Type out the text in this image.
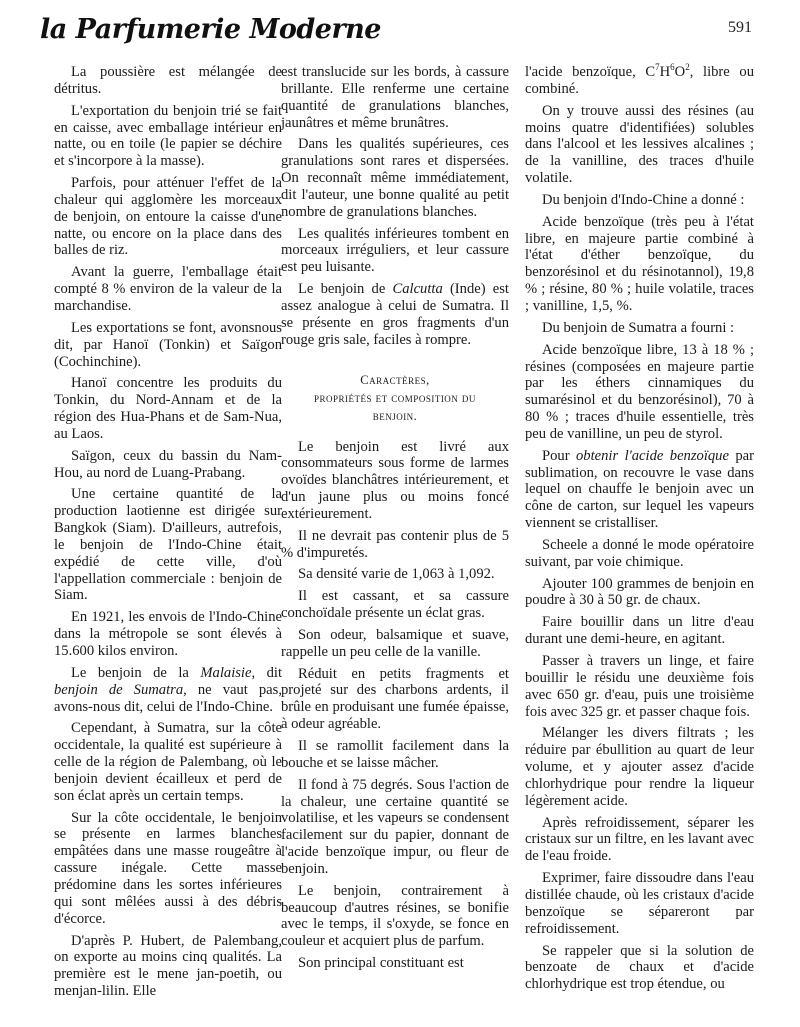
la Parfumerie Moderne	591

La poussière est mélangée de détritus.

L'exportation du benjoin trié se fait en caisse, avec emballage intérieur en natte, ou en toile (le papier se déchire et s'incorpore à la masse).

Parfois, pour atténuer l'effet de la chaleur qui agglomère les morceaux de benjoin, on entoure la caisse d'une natte, ou encore on la place dans des balles de riz.

Avant la guerre, l'emballage était compté 8 % environ de la valeur de la marchandise.

Les exportations se font, avonsnous dit, par Hanoï (Tonkin) et Saïgon (Cochinchine).

Hanoï concentre les produits du Tonkin, du Nord-Annam et de la région des Hua-Phans et de Sam-Nua, au Laos.

Saïgon, ceux du bassin du Nam-Hou, au nord de Luang-Prabang.

Une certaine quantité de la production laotienne est dirigée sur Bangkok (Siam). D'ailleurs, autrefois, le benjoin de l'Indo-Chine était expédié de cette ville, d'où l'appellation commerciale : benjoin de Siam.

En 1921, les envois de l'Indo-Chine dans la métropole se sont élevés à 15.600 kilos environ.

Le benjoin de la Malaisie, dit benjoin de Sumatra, ne vaut pas, avons-nous dit, celui de l'Indo-Chine.

Cependant, à Sumatra, sur la côte occidentale, la qualité est supérieure à celle de la région de Palembang, où le benjoin devient écailleux et perd de son éclat après un certain temps.

Sur la côte occidentale, le benjoin se présente en larmes blanches empâtées dans une masse rougeâtre à cassure inégale. Cette masse prédomine dans les sortes inférieures qui sont mêlées aussi à des débris d'écorce.

D'après P. Hubert, de Palembang, on exporte au moins cinq qualités. La première est le mene jan-poetih, ou menjan-lilin. Elle

est translucide sur les bords, à cassure brillante. Elle renferme une certaine quantité de granulations blanches, jaunâtres et même brunâtres.

Dans les qualités supérieures, ces granulations sont rares et dispersées. On reconnaît même immédiatement, dit l'auteur, une bonne qualité au petit nombre de granulations blanches.

Les qualités inférieures tombent en morceaux irréguliers, et leur cassure est peu luisante.

Le benjoin de Calcutta (Inde) est assez analogue à celui de Sumatra. Il se présente en gros fragments d'un rouge gris sale, faciles à rompre.

Caractères,
propriétés et composition du
benjoin.

Le benjoin est livré aux consommateurs sous forme de larmes ovoïdes blanchâtres intérieurement, et d'un jaune plus ou moins foncé extérieurement.

Il ne devrait pas contenir plus de 5 % d'impuretés.

Sa densité varie de 1,063 à 1,092.

Il est cassant, et sa cassure conchoïdale présente un éclat gras.

Son odeur, balsamique et suave, rappelle un peu celle de la vanille.

Réduit en petits fragments et projeté sur des charbons ardents, il brûle en produisant une fumée épaisse, à odeur agréable.

Il se ramollit facilement dans la bouche et se laisse mâcher.

Il fond à 75 degrés. Sous l'action de la chaleur, une certaine quantité se volatilise, et les vapeurs se condensent facilement sur du papier, donnant de l'acide benzoïque impur, ou fleur de benjoin.

Le benjoin, contrairement à beaucoup d'autres résines, se bonifie avec le temps, il s'oxyde, se fonce en couleur et acquiert plus de parfum.

Son principal constituant est

l'acide benzoïque, $C^7H^6O^2$, libre ou combiné.

On y trouve aussi des résines (au moins quatre d'identifiées) solubles dans l'alcool et les lessives alcalines ; de la vanilline, des traces d'huile volatile.

Du benjoin d'Indo-Chine a donné :

Acide benzoïque (très peu à l'état libre, en majeure partie combiné à l'état d'éther benzoïque, du benzorésinol et du résinotannol), 19,8 % ; résine, 80 % ; huile volatile, traces ; vanilline, 1,5, %.

Du benjoin de Sumatra a fourni :

Acide benzoïque libre, 13 à 18 % ; résines (composées en majeure partie par les éthers cinnamiques du sumarésinol et du benzorésinol), 70 à 80 % ; traces d'huile essentielle, très peu de vanilline, un peu de styrol.

Pour obtenir l'acide benzoïque par sublimation, on recouvre le vase dans lequel on chauffe le benjoin avec un cône de carton, sur lequel les vapeurs viennent se cristalliser.

Scheele a donné le mode opératoire suivant, par voie chimique.

Ajouter 100 grammes de benjoin en poudre à 30 à 50 gr. de chaux.

Faire bouillir dans un litre d'eau durant une demi-heure, en agitant.

Passer à travers un linge, et faire bouillir le résidu une deuxième fois avec 650 gr. d'eau, puis une troisième fois avec 325 gr. et passer chaque fois.

Mélanger les divers filtrats ; les réduire par ébullition au quart de leur volume, et y ajouter assez d'acide chlorhydrique pour rendre la liqueur légèrement acide.

Après refroidissement, séparer les cristaux sur un filtre, en les lavant avec de l'eau froide.

Exprimer, faire dissoudre dans l'eau distillée chaude, où les cristaux d'acide benzoïque se sépareront par refroidissement.

Se rappeler que si la solution de benzoate de chaux et d'acide chlorhydrique est trop étendue, ou
